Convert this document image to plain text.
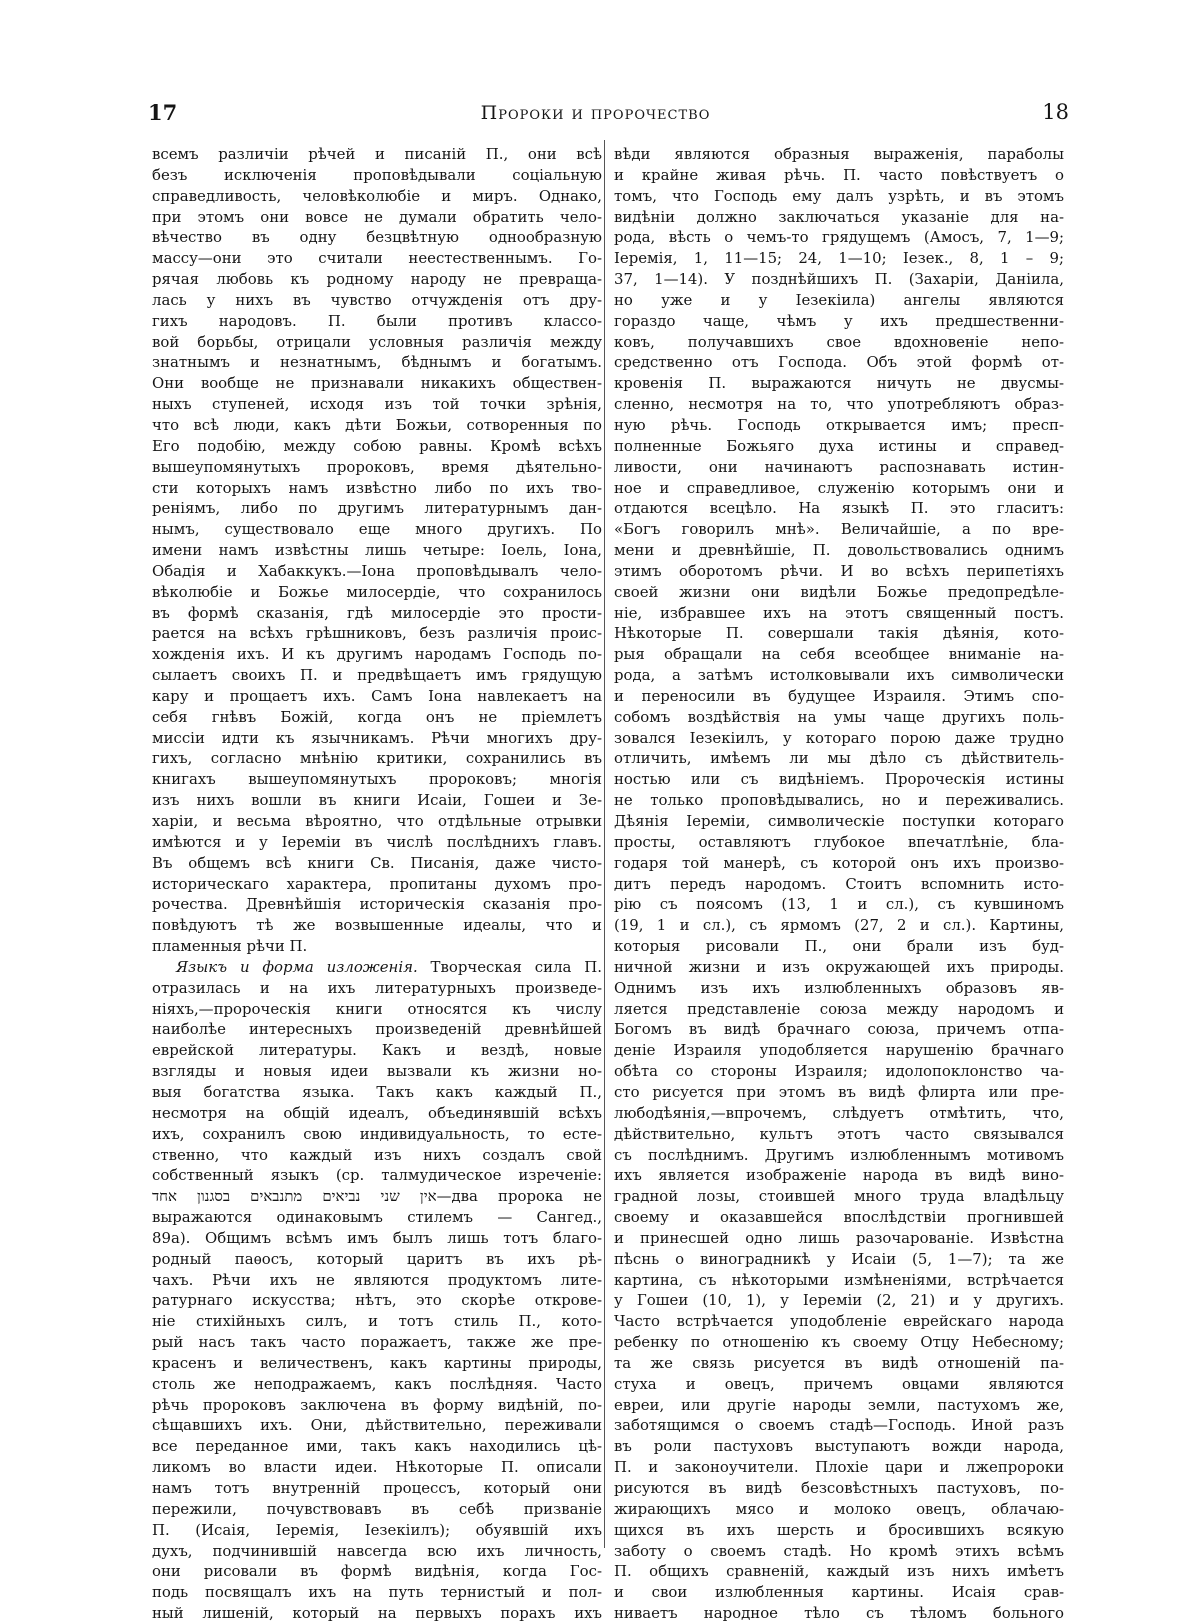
17	Пророки и пророчество	18
всемъ различіи рѣчей и писаній П., они всѣ
безъ исключенія проповѣдывали соціальную
справедливость, человѣколюбіе и миръ. Однако,
при этомъ они вовсе не думали обратить чело-
вѣчество въ одну безцвѣтную однообразную
массу—они это считали неестественнымъ. Го-
рячая любовь къ родному народу не превраща-
лась у нихъ въ чувство отчужденія отъ дру-
гихъ народовъ. П. были противъ классо-
вой борьбы, отрицали условныя различія между
знатнымъ и незнатнымъ, бѣднымъ и богатымъ.
Они вообще не признавали никакихъ обществен-
ныхъ ступеней, исходя изъ той точки зрѣнія,
что всѣ люди, какъ дѣти Божьи, сотворенныя по
Его подобію, между собою равны. Кромѣ всѣхъ
вышеупомянутыхъ пророковъ, время дѣятельно-
сти которыхъ намъ извѣстно либо по ихъ тво-
реніямъ, либо по другимъ литературнымъ дан-
нымъ, существовало еще много другихъ. По
имени намъ извѣстны лишь четыре: Іоель, Іона,
Обадія и Хабаккукъ.—Іона проповѣдывалъ чело-
вѣколюбіе и Божье милосердіе, что сохранилось
въ формѣ сказанія, гдѣ милосердіе это прости-
рается на всѣхъ грѣшниковъ, безъ различія проис-
хожденія ихъ. И къ другимъ народамъ Господь по-
сылаетъ своихъ П. и предвѣщаетъ имъ грядущую
кару и прощаетъ ихъ. Самъ Іона навлекаетъ на
себя гнѣвъ Божій, когда онъ не пріемлетъ
миссіи идти къ язычникамъ. Рѣчи многихъ дру-
гихъ, согласно мнѣнію критики, сохранились въ
книгахъ вышеупомянутыхъ пророковъ; многія
изъ нихъ вошли въ книги Исаіи, Гошеи и Зе-
харіи, и весьма вѣроятно, что отдѣльные отрывки
имѣются и у Іереміи въ числѣ послѣднихъ главъ.
Въ общемъ всѣ книги Св. Писанія, даже чисто-
историческаго характера, пропитаны духомъ про-
рочества. Древнѣйшія историческія сказанія про-
повѣдуютъ тѣ же возвышенные идеалы, что и
пламенныя рѣчи П.
Языкъ и форма изложенія. Творческая сила П.
отразилась и на ихъ литературныхъ произведе-
ніяхъ,—пророческія книги относятся къ числу
наиболѣе интересныхъ произведеній древнѣйшей
еврейской литературы. Какъ и вездѣ, новые
взгляды и новыя идеи вызвали къ жизни но-
выя богатства языка. Такъ какъ каждый П.,
несмотря на общій идеалъ, объединявшій всѣхъ
ихъ, сохранилъ свою индивидуальность, то есте-
ственно, что каждый изъ нихъ создалъ свой
собственный языкъ (ср. талмудическое изреченіе:
אין שני נביאים מתנבאים בסגנון אחד—два пророка не
выражаются одинаковымъ стилемъ — Сангед.,
89а). Общимъ всѣмъ имъ былъ лишь тотъ благо-
родный паѳосъ, который царитъ въ ихъ рѣ-
чахъ. Рѣчи ихъ не являются продуктомъ лите-
ратурнаго искусства; нѣтъ, это скорѣе открове-
ніе стихійныхъ силъ, и тотъ стиль П., кото-
рый насъ такъ часто поражаетъ, также же пре-
красенъ и величественъ, какъ картины природы,
столь же неподражаемъ, какъ послѣдняя. Часто
рѣчь пророковъ заключена въ форму видѣній, по-
сѣщавшихъ ихъ. Они, дѣйствительно, переживали
все переданное ими, такъ какъ находились цѣ-
ликомъ во власти идеи. Нѣкоторые П. описали
намъ тотъ внутренній процессъ, который они
пережили, почувствовавъ въ себѣ призваніе
П. (Исаія, Іеремія, Іезекіилъ); обуявшій ихъ
духъ, подчинившій навсегда всю ихъ личность,
они рисовали въ формѣ видѣнія, когда Гос-
подь посвящалъ ихъ на путь тернистый и пол-
ный лишеній, который на первыхъ порахъ ихъ
вѣди являются образныя выраженія, параболы
и крайне живая рѣчь. П. часто повѣствуетъ о
томъ, что Господь ему далъ узрѣть, и въ этомъ
видѣніи должно заключаться указаніе для на-
рода, вѣсть о чемъ-то грядущемъ (Амосъ, 7, 1—9;
Іеремія, 1, 11—15; 24, 1—10; Іезек., 8, 1 – 9;
37, 1—14). У позднѣйшихъ П. (Захаріи, Даніила,
но уже и у Іезекіила) ангелы являются
гораздо чаще, чѣмъ у ихъ предшественни-
ковъ, получавшихъ свое вдохновеніе непо-
средственно отъ Господа. Объ этой формѣ от-
кровенія П. выражаются ничуть не двусмы-
сленно, несмотря на то, что употребляютъ образ-
ную рѣчь. Господь открывается имъ; пресп-
полненные Божьяго духа истины и справед-
ливости, они начинаютъ распознавать истин-
ное и справедливое, служенію которымъ они и
отдаются всецѣло. На языкѣ П. это гласитъ:
«Богъ говорилъ мнѣ». Величайшіе, а по вре-
мени и древнѣйшіе, П. довольствовались однимъ
этимъ оборотомъ рѣчи. И во всѣхъ перипетіяхъ
своей жизни они видѣли Божье предопредѣле-
ніе, избравшее ихъ на этотъ священный постъ.
Нѣкоторые П. совершали такія дѣянія, кото-
рыя обращали на себя всеобщее вниманіе на-
рода, а затѣмъ истолковывали ихъ символически
и переносили въ будущее Израиля. Этимъ спо-
собомъ воздѣйствія на умы чаще другихъ поль-
зовался Іезекіилъ, у котораго порою даже трудно
отличить, имѣемъ ли мы дѣло съ дѣйствитель-
ностью или съ видѣніемъ. Пророческія истины
не только проповѣдывались, но и переживались.
Дѣянія Іереміи, символическіе поступки котораго
просты, оставляютъ глубокое впечатлѣніе, бла-
годаря той манерѣ, съ которой онъ ихъ произво-
дитъ передъ народомъ. Стоитъ вспомнить исто-
рію съ поясомъ (13, 1 и сл.), съ кувшиномъ
(19, 1 и сл.), съ ярмомъ (27, 2 и сл.). Картины,
которыя рисовали П., они брали изъ буд-
ничной жизни и изъ окружающей ихъ природы.
Однимъ изъ ихъ излюбленныхъ образовъ яв-
ляется представленіе союза между народомъ и
Богомъ въ видѣ брачнаго союза, причемъ отпа-
деніе Израиля уподобляется нарушенію брачнаго
обѣта со стороны Израиля; идолопоклонство ча-
сто рисуется при этомъ въ видѣ флирта или пре-
любодѣянія,—впрочемъ, слѣдуетъ отмѣтить, что,
дѣйствительно, культъ этотъ часто связывался
съ послѣднимъ. Другимъ излюбленнымъ мотивомъ
ихъ является изображеніе народа въ видѣ вино-
градной лозы, стоившей много труда владѣльцу
своему и оказавшейся впослѣдствіи прогнившей
и принесшей одно лишь разочарованіе. Извѣстна
пѣснь о виноградникѣ у Исаіи (5, 1—7); та же
картина, съ нѣкоторыми измѣненіями, встрѣчается
у Гошеи (10, 1), у Іереміи (2, 21) и у другихъ.
Часто встрѣчается уподобленіе еврейскаго народа
ребенку по отношенію къ своему Отцу Небесному;
та же связь рисуется въ видѣ отношеній па-
стуха и овецъ, причемъ овцами являются
евреи, или другіе народы земли, пастухомъ же,
заботящимся о своемъ стадѣ—Господь. Иной разъ
въ роли пастуховъ выступаютъ вожди народа,
П. и законоучители. Плохіе цари и лжепророки
рисуются въ видѣ безсовѣстныхъ пастуховъ, по-
жирающихъ мясо и молоко овецъ, облачаю-
щихся въ ихъ шерсть и бросившихъ всякую
заботу о своемъ стадѣ. Но кромѣ этихъ всѣмъ
П. общихъ сравненій, каждый изъ нихъ имѣетъ
и свои излюбленныя картины. Исаія срав-
ниваетъ народное тѣло съ тѣломъ больного
